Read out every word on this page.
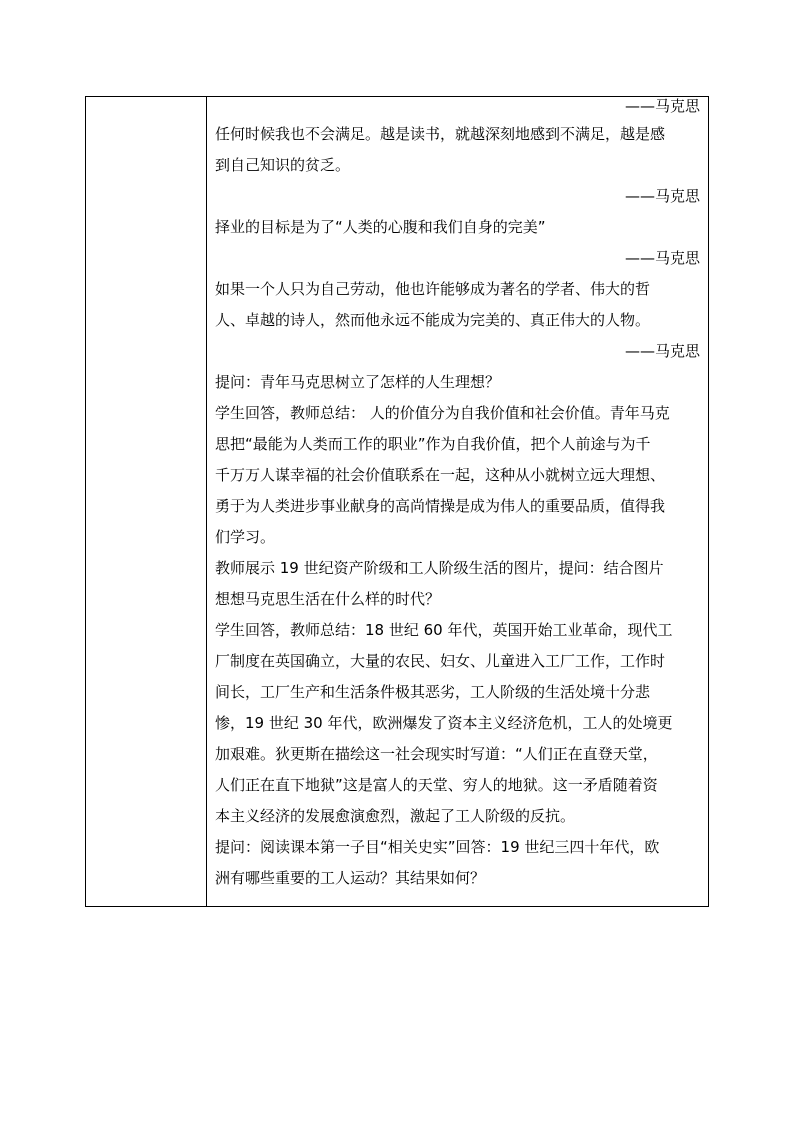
——马克思
任何时候我也不会满足。越是读书，就越深刻地感到不满足，越是感
到自己知识的贫乏。
——马克思
择业的目标是为了“人类的心腹和我们自身的完美”
——马克思
如果一个人只为自己劳动，他也许能够成为著名的学者、伟大的哲
人、卓越的诗人，然而他永远不能成为完美的、真正伟大的人物。
——马克思
提问：青年马克思树立了怎样的人生理想？
学生回答，教师总结： 人的价值分为自我价值和社会价值。青年马克
思把“最能为人类而工作的职业”作为自我价值，把个人前途与为千
千万万人谋幸福的社会价值联系在一起，这种从小就树立远大理想、
勇于为人类进步事业献身的高尚情操是成为伟人的重要品质，值得我
们学习。
教师展示 19 世纪资产阶级和工人阶级生活的图片，提问：结合图片
想想马克思生活在什么样的时代？
学生回答，教师总结：18 世纪 60 年代，英国开始工业革命，现代工
厂制度在英国确立，大量的农民、妇女、儿童进入工厂工作，工作时
间长，工厂生产和生活条件极其恶劣，工人阶级的生活处境十分悲
惨，19 世纪 30 年代，欧洲爆发了资本主义经济危机，工人的处境更
加艰难。狄更斯在描绘这一社会现实时写道：“人们正在直登天堂，
人们正在直下地狱”这是富人的天堂、穷人的地狱。这一矛盾随着资
本主义经济的发展愈演愈烈，激起了工人阶级的反抗。
提问：阅读课本第一子目“相关史实”回答：19 世纪三四十年代，欧
洲有哪些重要的工人运动？其结果如何？
